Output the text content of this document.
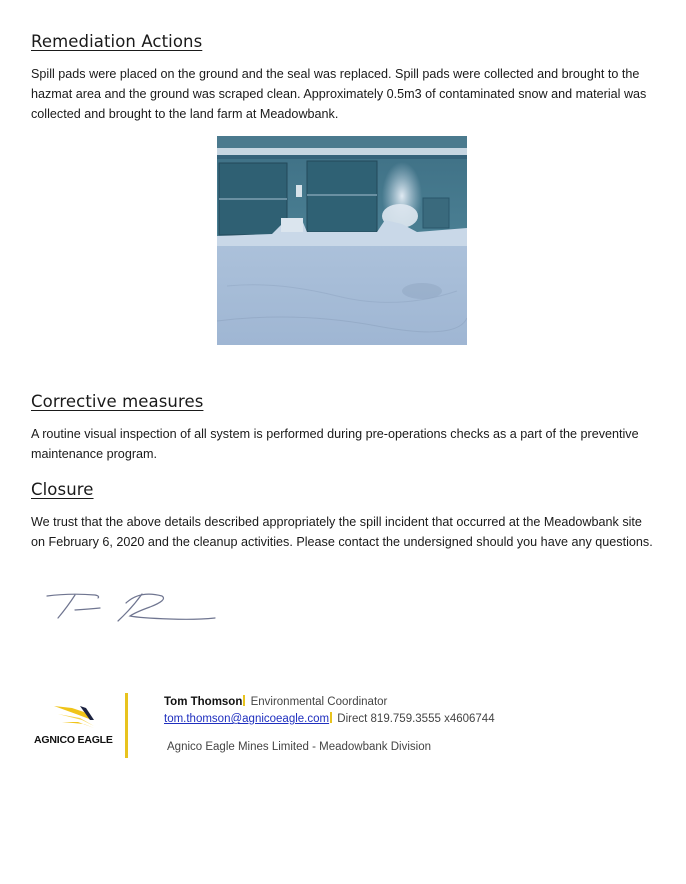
Remediation Actions
Spill pads were placed on the ground and the seal was replaced. Spill pads were collected and brought to the hazmat area and the ground was scraped clean. Approximately 0.5m3 of contaminated snow and material was collected and brought to the land farm at Meadowbank.
Corrective measures
A routine visual inspection of all system is performed during pre-operations checks as a part of the preventive maintenance program.
Closure
We trust that the above details described appropriately the spill incident that occurred at the Meadowbank site on February 6, 2020 and the cleanup activities. Please contact the undersigned should you have any questions.
AGNICO EAGLE
Tom Thomson Environmental Coordinator
tom.thomson@agnicoeagle.com Direct 819.759.3555 x4606744
Agnico Eagle Mines Limited - Meadowbank Division
